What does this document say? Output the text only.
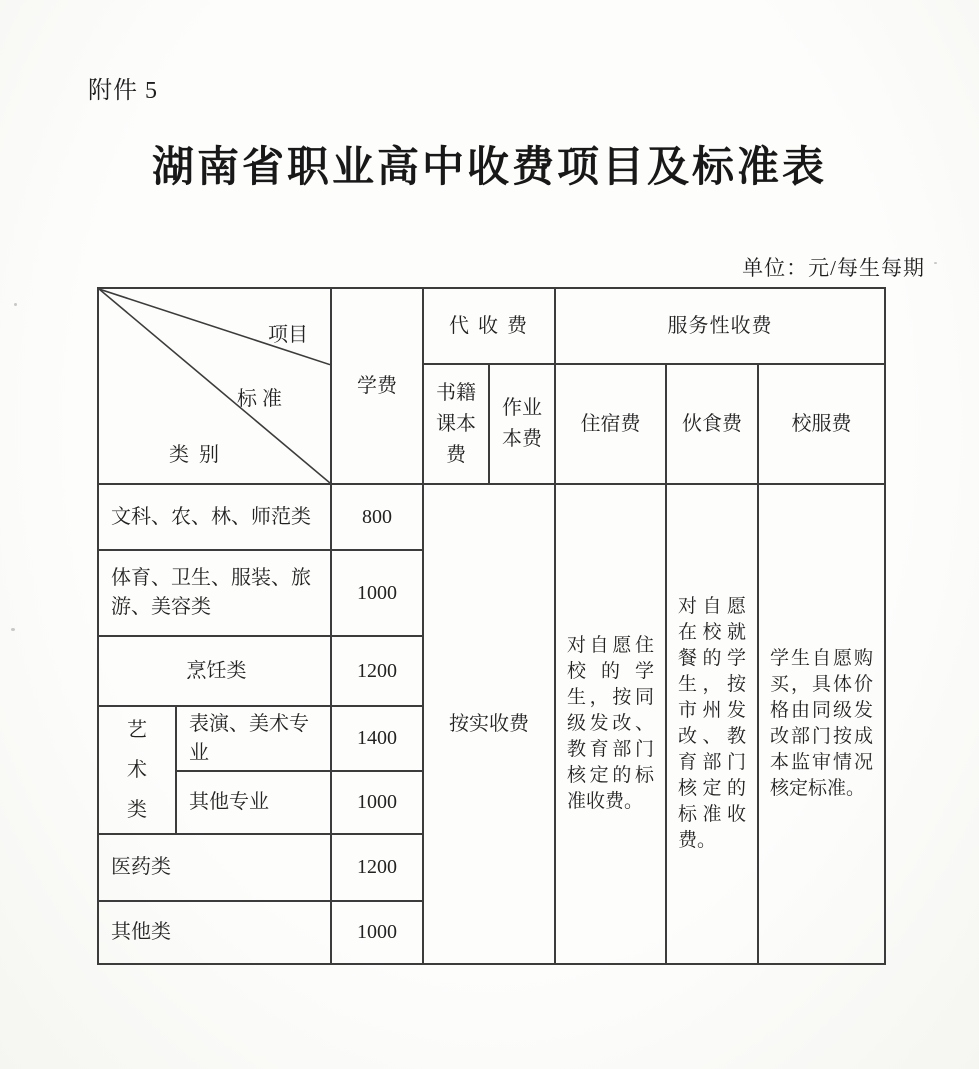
附件 5
湖南省职业高中收费项目及标准表
单位：元/每生每期
项目
标 准
类  别		学费	代 收 费		服务性收费		
			书籍课本费	作业本费	住宿费	伙食费	校服费
文科、农、林、师范类		800	按实收费		对自愿住校的学生，按同级发改、教育部门核定的标准收费。	对自愿在校就餐的学生，按市州发改、教育部门核定的标准收费。	学生自愿购买，具体价格由同级发改部门按成本监审情况核定标准。
体育、卫生、服装、旅游、美容类		1000					
烹饪类		1200					

艺术类	表演、美术专业	1400					
	其他专业	1000					
医药类		1200					
其他类		1000					
